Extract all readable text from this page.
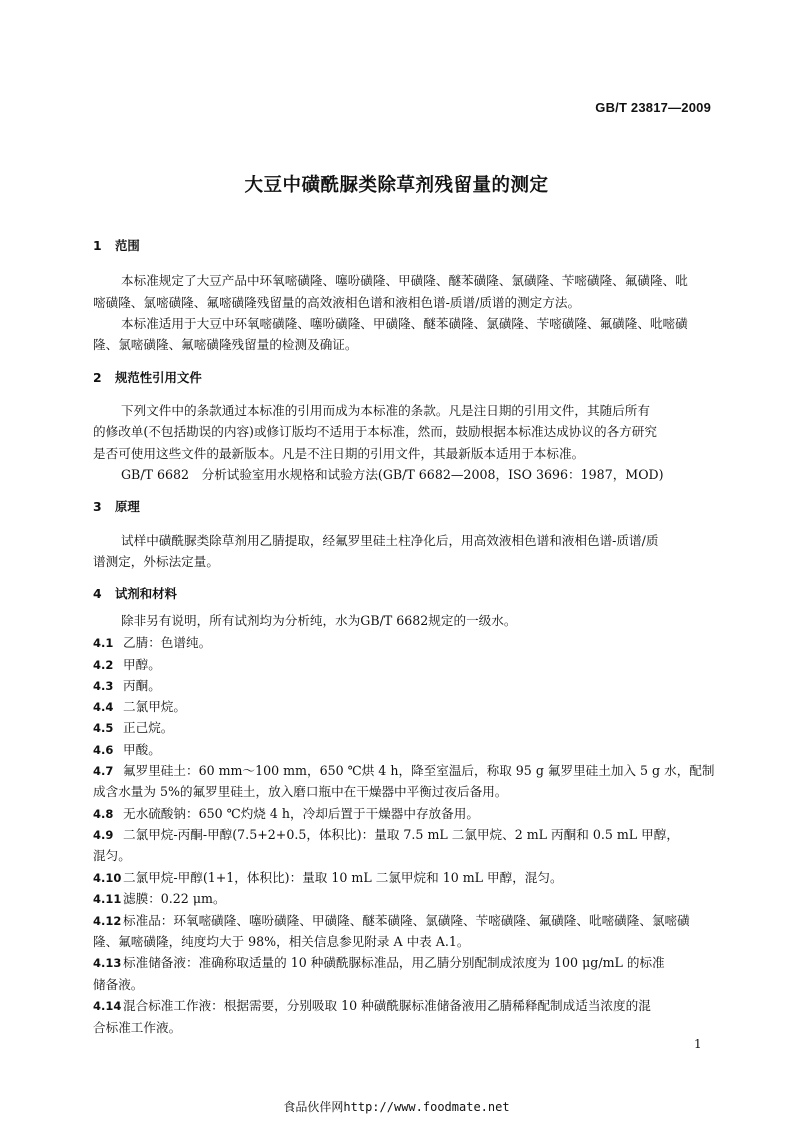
GB/T 23817—2009
大豆中磺酰脲类除草剂残留量的测定
1 范围
本标准规定了大豆产品中环氧嘧磺隆、噻吩磺隆、甲磺隆、醚苯磺隆、氯磺隆、苄嘧磺隆、氟磺隆、吡
嘧磺隆、氯嘧磺隆、氟嘧磺隆残留量的高效液相色谱和液相色谱-质谱/质谱的测定方法。
本标准适用于大豆中环氧嘧磺隆、噻吩磺隆、甲磺隆、醚苯磺隆、氯磺隆、苄嘧磺隆、氟磺隆、吡嘧磺
隆、氯嘧磺隆、氟嘧磺隆残留量的检测及确证。
2 规范性引用文件
下列文件中的条款通过本标准的引用而成为本标准的条款。凡是注日期的引用文件，其随后所有
的修改单(不包括勘误的内容)或修订版均不适用于本标准，然而，鼓励根据本标准达成协议的各方研究
是否可使用这些文件的最新版本。凡是不注日期的引用文件，其最新版本适用于本标准。
GB/T 6682　分析试验室用水规格和试验方法(GB/T 6682—2008，ISO 3696：1987，MOD)
3 原理
试样中磺酰脲类除草剂用乙腈提取，经氟罗里硅土柱净化后，用高效液相色谱和液相色谱-质谱/质
谱测定，外标法定量。
4 试剂和材料
除非另有说明，所有试剂均为分析纯，水为GB/T 6682规定的一级水。
4.1 乙腈：色谱纯。
4.2 甲醇。
4.3 丙酮。
4.4 二氯甲烷。
4.5 正己烷。
4.6 甲酸。
4.7 氟罗里硅土：60 mm～100 mm，650 ℃烘 4 h，降至室温后，称取 95 g 氟罗里硅土加入 5 g 水，配制
成含水量为 5%的氟罗里硅土，放入磨口瓶中在干燥器中平衡过夜后备用。
4.8 无水硫酸钠：650 ℃灼烧 4 h，冷却后置于干燥器中存放备用。
4.9 二氯甲烷-丙酮-甲醇(7.5+2+0.5，体积比)：量取 7.5 mL 二氯甲烷、2 mL 丙酮和 0.5 mL 甲醇，
混匀。
4.10 二氯甲烷-甲醇(1+1，体积比)：量取 10 mL 二氯甲烷和 10 mL 甲醇，混匀。
4.11 滤膜：0.22 μm。
4.12 标准品：环氧嘧磺隆、噻吩磺隆、甲磺隆、醚苯磺隆、氯磺隆、苄嘧磺隆、氟磺隆、吡嘧磺隆、氯嘧磺
隆、氟嘧磺隆，纯度均大于 98%，相关信息参见附录 A 中表 A.1。
4.13 标准储备液：准确称取适量的 10 种磺酰脲标准品，用乙腈分别配制成浓度为 100 μg/mL 的标准
储备液。
4.14 混合标准工作液：根据需要，分别吸取 10 种磺酰脲标准储备液用乙腈稀释配制成适当浓度的混
合标准工作液。
1
食品伙伴网http://www.foodmate.net
